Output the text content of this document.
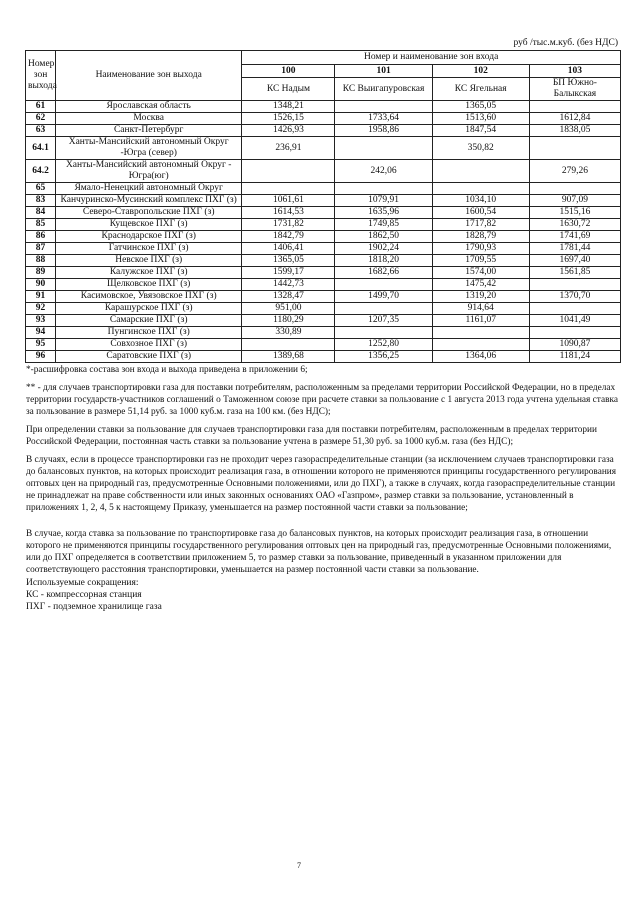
руб /тыс.м.куб. (без НДС)
Номер зон выхода	Наименование зон выхода	Номер и наименование зон входа			
		100	101	102	103
		КС Надым	КС Выигапуровская	КС Ягельная	БП Южно-Балыкская
61	Ярославская область	1348,21		1365,05	
62	Москва	1526,15	1733,64	1513,60	1612,84
63	Санкт-Петербург	1426,93	1958,86	1847,54	1838,05
64.1	Ханты-Мансийский автономный Округ -Югра (север)	236,91		350,82	
64.2	Ханты-Мансийский автономный Округ - Югра(юг)		242,06		279,26
65	Ямало-Ненецкий автономный Округ				
83	Канчуринско-Мусинский комплекс ПХГ (з)	1061,61	1079,91	1034,10	907,09
84	Северо-Ставропольские ПХГ (з)	1614,53	1635,96	1600,54	1515,16
85	Кущевское ПХГ (з)	1731,82	1749,85	1717,82	1630,72
86	Краснодарское ПХГ (з)	1842,79	1862,50	1828,79	1741,69
87	Гатчинское ПХГ (з)	1406,41	1902,24	1790,93	1781,44
88	Невское ПХГ (з)	1365,05	1818,20	1709,55	1697,40
89	Калужское ПХГ (з)	1599,17	1682,66	1574,00	1561,85
90	Щелковское ПХГ (з)	1442,73		1475,42	
91	Касимовское, Увязовское ПХГ (з)	1328,47	1499,70	1319,20	1370,70
92	Карашурское ПХГ (з)	951,00		914,64	
93	Самарские ПХГ (з)	1180,29	1207,35	1161,07	1041,49
94	Пунгинское ПХГ (з)	330,89			
95	Совхозное ПХГ (з)		1252,80		1090,87
96	Саратовские ПХГ (з)	1389,68	1356,25	1364,06	1181,24

*-расшифровка состава зон входа и выхода приведена в приложении 6;

** - для случаев транспортировки газа для поставки потребителям, расположенным за пределами территории Российской Федерации, но в пределах территории государств-участников соглашений о Таможенном союзе при расчете ставки за пользование с 1 августа 2013 года учтена удельная ставка за пользование в размере 51,14 руб. за 1000 куб.м. газа на 100 км. (без НДС);

При определении ставки за пользование для случаев транспортировки газа для поставки потребителям, расположенным в пределах территории Российской Федерации, постоянная часть ставки за пользование учтена в размере 51,30 руб. за 1000 куб.м. газа (без НДС);

В случаях, если в процессе транспортировки газ не проходит через газораспределительные станции (за исключением случаев транспортировки газа до балансовых пунктов, на которых происходит реализация газа, в отношении которого не применяются принципы государственного регулирования оптовых цен на природный газ, предусмотренные Основными положениями, или до ПХГ), а также в случаях, когда газораспределительные станции не принадлежат на праве собственности или иных законных основаниях ОАО «Газпром», размер ставки за пользование, установленный в приложениях 1, 2, 4, 5 к настоящему Приказу, уменьшается на размер постоянной части ставки за пользование;

В случае, когда ставка за пользование по транспортировке газа до балансовых пунктов, на которых происходит реализация газа, в отношении которого не применяются принципы государственного регулирования оптовых цен на природный газ, предусмотренные Основными положениями, или до ПХГ определяется в соответствии приложением 5, то размер ставки за пользование, приведенный в указанном приложении для соответствующего расстояния транспортировки, уменьшается на размер постоянной части ставки за пользование.

Используемые сокращения:
КС - компрессорная станция
ПХГ - подземное хранилище газа
7
